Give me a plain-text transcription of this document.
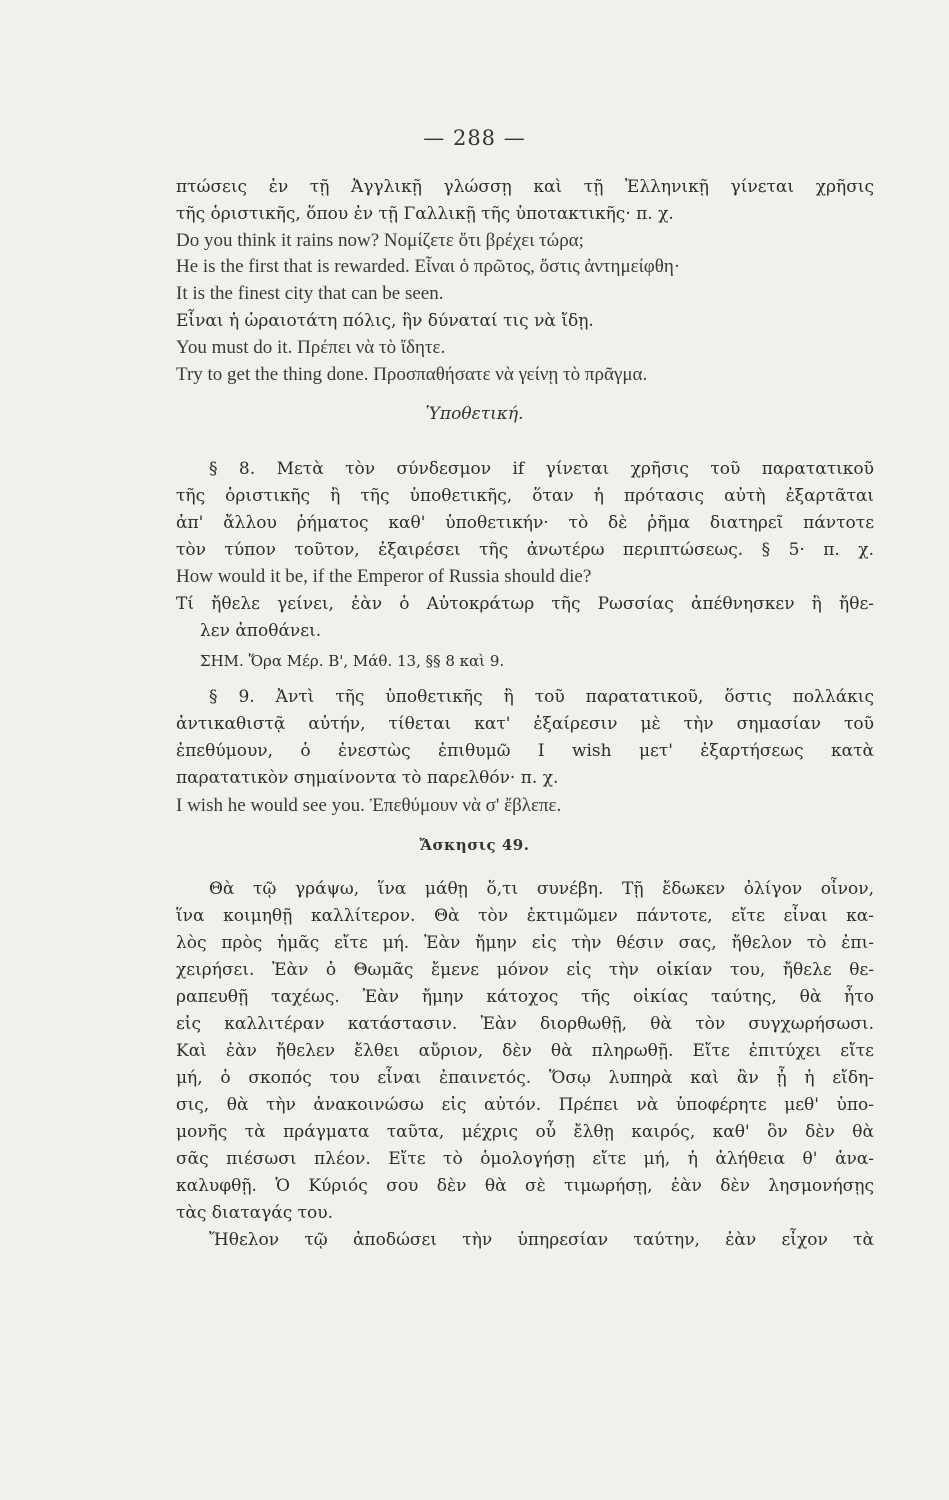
— 288 —
πτώσεις ἐν τῇ Ἀγγλικῇ γλώσσῃ καὶ τῇ Ἑλληνικῇ γίνεται χρῆσις
τῆς ὁριστικῆς, ὅπου ἐν τῇ Γαλλικῇ τῆς ὑποτακτικῆς· π. χ.
Do you think it rains now? Νομίζετε ὅτι βρέχει τώρα;
He is the first that is rewarded. Εἶναι ὁ πρῶτος, ὅστις ἀντημείφθη·
It is the finest city that can be seen.
Εἶναι ἡ ὡραιοτάτη πόλις, ἣν δύναταί τις νὰ ἴδῃ.
You must do it. Πρέπει νὰ τὸ ἴδητε.
Try to get the thing done. Προσπαθήσατε νὰ γείνῃ τὸ πρᾶγμα.
Ὑποθετική.
§ 8. Μετὰ τὸν σύνδεσμον if γίνεται χρῆσις τοῦ παρατατικοῦ
τῆς ὁριστικῆς ἢ τῆς ὑποθετικῆς, ὅταν ἡ πρότασις αὐτὴ ἐξαρτᾶται
ἀπ' ἄλλου ῥήματος καθ' ὑποθετικήν· τὸ δὲ ῥῆμα διατηρεῖ πάντοτε
τὸν τύπον τοῦτον, ἐξαιρέσει τῆς ἀνωτέρω περιπτώσεως. § 5· π. χ.
How would it be, if the Emperor of Russia should die?
Τί ἤθελε γείνει, ἐὰν ὁ Αὐτοκράτωρ τῆς Ρωσσίας ἀπέθνησκεν ἢ ἤθε-
λεν ἀποθάνει.
ΣΗΜ. Ὅρα Μέρ. Β', Μάθ. 13, §§ 8 καὶ 9.
§ 9. Ἀντὶ τῆς ὑποθετικῆς ἢ τοῦ παρατατικοῦ, ὅστις πολλάκις
ἀντικαθιστᾷ αὐτήν, τίθεται κατ' ἐξαίρεσιν μὲ τὴν σημασίαν τοῦ
ἐπεθύμουν, ὁ ἐνεστὼς ἐπιθυμῶ I wish μετ' ἐξαρτήσεως κατὰ
παρατατικὸν σημαίνοντα τὸ παρελθόν· π. χ.
I wish he would see you. Ἐπεθύμουν νὰ σ' ἔβλεπε.
Ἄσκησις 49.
Θὰ τῷ γράψω, ἵνα μάθῃ ὅ,τι συνέβη. Τῇ ἔδωκεν ὀλίγον οἶνον,
ἵνα κοιμηθῇ καλλίτερον. Θὰ τὸν ἐκτιμῶμεν πάντοτε, εἴτε εἶναι κα-
λὸς πρὸς ἡμᾶς εἴτε μή. Ἐὰν ἤμην εἰς τὴν θέσιν σας, ἤθελον τὸ ἐπι-
χειρήσει. Ἐὰν ὁ Θωμᾶς ἔμενε μόνον εἰς τὴν οἰκίαν του, ἤθελε θε-
ραπευθῇ ταχέως. Ἐὰν ἤμην κάτοχος τῆς οἰκίας ταύτης, θὰ ἦτο
εἰς καλλιτέραν κατάστασιν. Ἐὰν διορθωθῇ, θὰ τὸν συγχωρήσωσι.
Καὶ ἐὰν ἤθελεν ἔλθει αὔριον, δὲν θὰ πληρωθῇ. Εἴτε ἐπιτύχει εἴτε
μή, ὁ σκοπός του εἶναι ἐπαινετός. Ὅσῳ λυπηρὰ καὶ ἂν ᾖ ἡ εἴδη-
σις, θὰ τὴν ἀνακοινώσω εἰς αὐτόν. Πρέπει νὰ ὑποφέρητε μεθ' ὑπο-
μονῆς τὰ πράγματα ταῦτα, μέχρις οὗ ἔλθῃ καιρός, καθ' ὃν δὲν θὰ
σᾶς πιέσωσι πλέον. Εἴτε τὸ ὁμολογήσῃ εἴτε μή, ἡ ἀλήθεια θ' ἀνα-
καλυφθῇ. Ὁ Κύριός σου δὲν θὰ σὲ τιμωρήσῃ, ἐὰν δὲν λησμονήσῃς
τὰς διαταγάς του.
Ἤθελον τῷ ἀποδώσει τὴν ὑπηρεσίαν ταύτην, ἐὰν εἶχον τὰ
